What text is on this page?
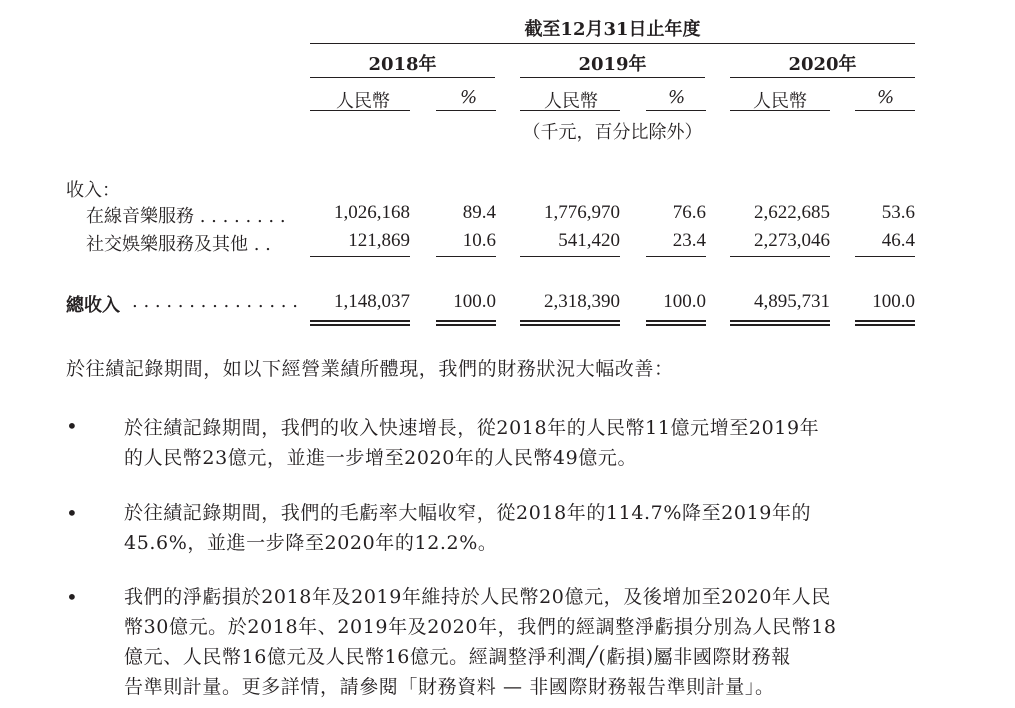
截至12月31日止年度
2018年	2019年	2020年
人民幣	%	人民幣	%	人民幣	%
（千元，百分比除外）
收入：
在線音樂服務 . . . . . . . .	1,026,168	89.4	1,776,970	76.6	2,622,685	53.6
社交娛樂服務及其他 . .	121,869	10.6	541,420	23.4	2,273,046	46.4
總收入 . . . . . . . . . . . . . . .	1,148,037	100.0	2,318,390	100.0	4,895,731	100.0
於往績記錄期間，如以下經營業績所體現，我們的財務狀況大幅改善：
• 於往績記錄期間，我們的收入快速增長，從2018年的人民幣11億元增至2019年
的人民幣23億元，並進一步增至2020年的人民幣49億元。
• 於往績記錄期間，我們的毛虧率大幅收窄，從2018年的114.7%降至2019年的
45.6%，並進一步降至2020年的12.2%。
• 我們的淨虧損於2018年及2019年維持於人民幣20億元，及後增加至2020年人民
幣30億元。於2018年、2019年及2020年，我們的經調整淨虧損分別為人民幣18
億元、人民幣16億元及人民幣16億元。經調整淨利潤╱(虧損)屬非國際財務報
告準則計量。更多詳情，請參閱「財務資料 — 非國際財務報告準則計量」。
